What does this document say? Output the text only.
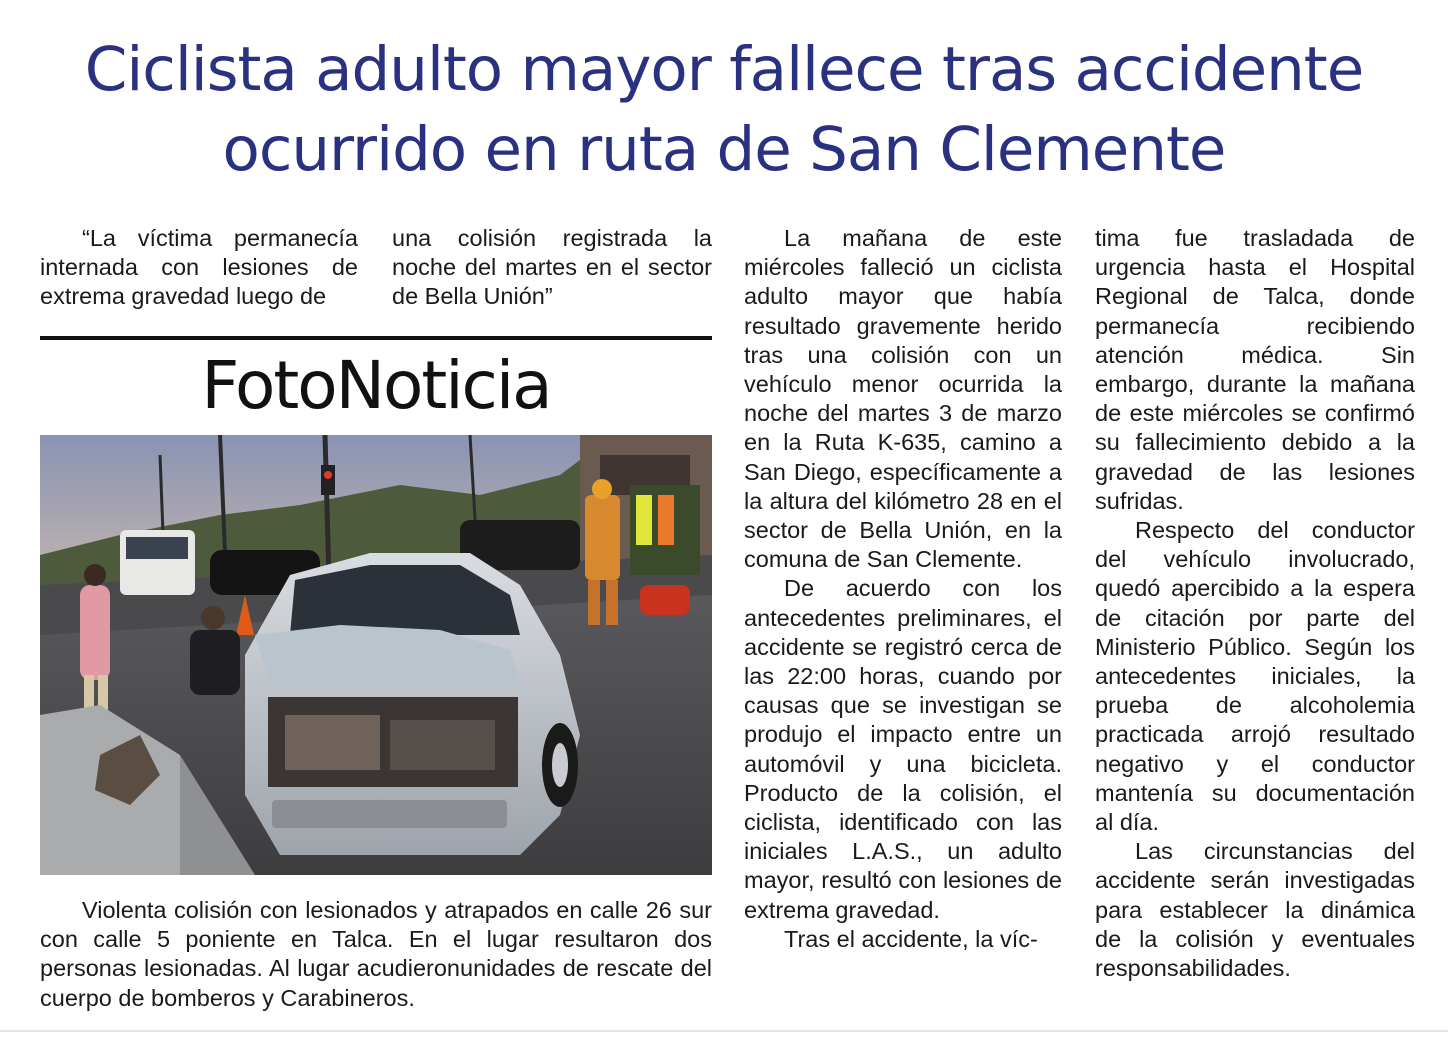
Ciclista adulto mayor fallece tras accidente
ocurrido en ruta de San Clemente
“La víctima permanecía internada con lesiones de extrema gravedad luego de
una colisión registrada la noche del martes en el sector de Bella Unión”
FotoNoticia

Violenta colisión con lesionados y atrapados en calle 26 sur con calle 5 poniente en Talca. En el lugar resultaron dos personas lesionadas. Al lugar acudieronunidades de rescate del cuerpo de bomberos y Carabineros.

La mañana de este miércoles falleció un ciclista adulto mayor que había resultado gravemente herido tras una colisión con un vehículo menor ocurrida la noche del martes 3 de marzo en la Ruta K-635, camino a San Diego, específicamente a la altura del kilómetro 28 en el sector de Bella Unión, en la comuna de San Clemente.

De acuerdo con los antecedentes preliminares, el accidente se registró cerca de las 22:00 horas, cuando por causas que se investigan se produjo el impacto entre un automóvil y una bicicleta. Producto de la colisión, el ciclista, identificado con las iniciales L.A.S., un adulto mayor, resultó con lesiones de extrema gravedad.

Tras el accidente, la víc-

tima fue trasladada de urgencia hasta el Hospital Regional de Talca, donde permanecía recibiendo atención médica. Sin embargo, durante la mañana de este miércoles se confirmó su fallecimiento debido a la gravedad de las lesiones sufridas.

Respecto del conductor del vehículo involucrado, quedó apercibido a la espera de citación por parte del Ministerio Público. Según los antecedentes iniciales, la prueba de alcoholemia practicada arrojó resultado negativo y el conductor mantenía su documentación al día.

Las circunstancias del accidente serán investigadas para establecer la dinámica de la colisión y eventuales responsabilidades.
